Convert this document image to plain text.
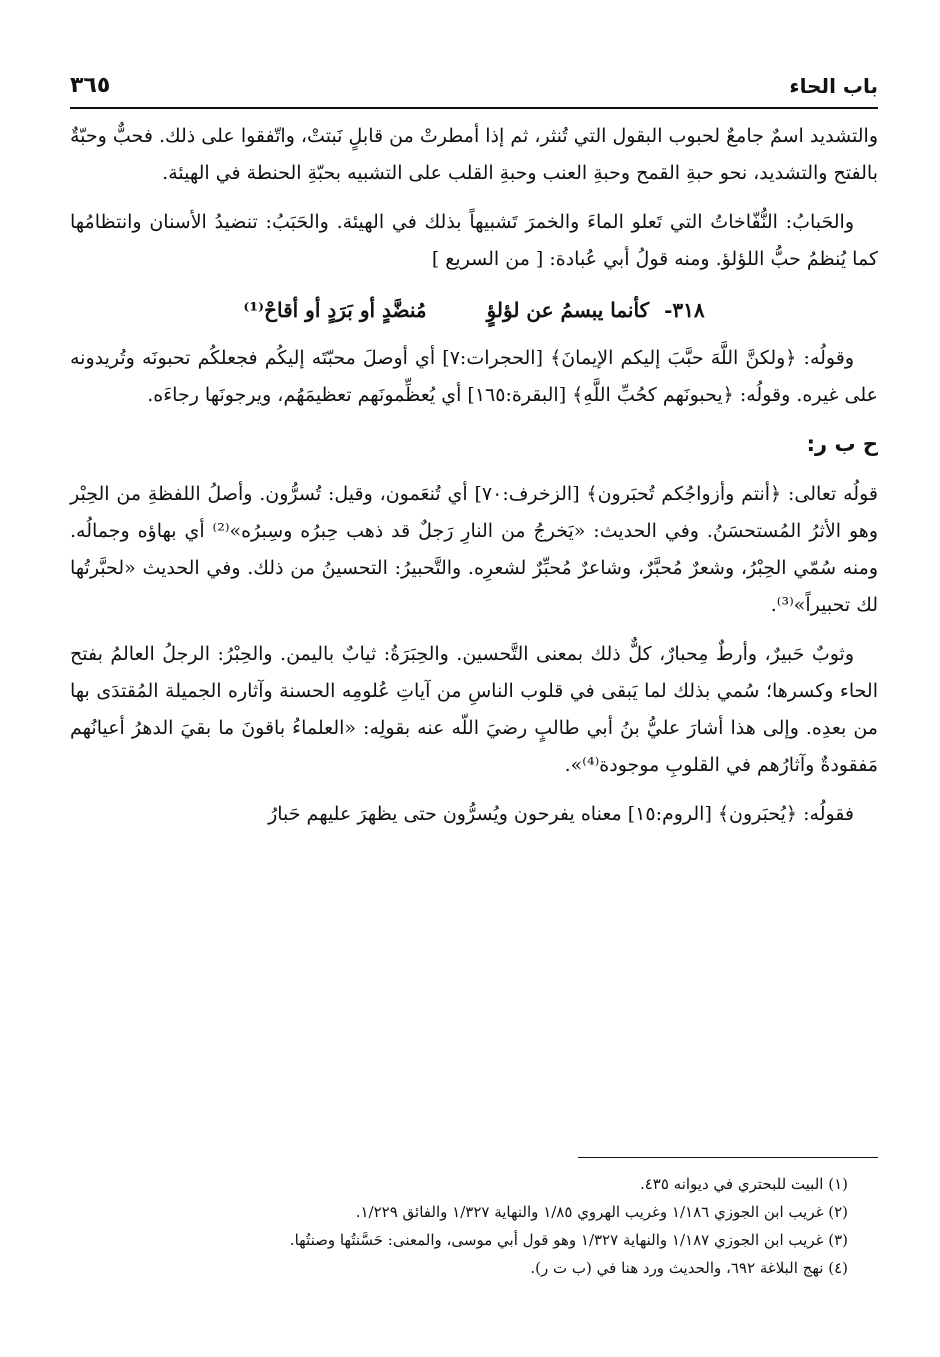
باب الحاء
٣٦٥

والتشديد اسمٌ جامعٌ لحبوب البقول التي تُنثر، ثم إذا أمطرتْ من قابلٍ نَبتتْ، واتّفقوا على ذلك. فحبٌّ وحبّةٌ بالفتح والتشديد، نحو حبةِ القمح وحبةِ العنب وحبةِ القلب على التشبيه بحبّةِ الحنطة في الهيئة.

والحَبابُ: النُّفّاخاتُ التي تَعلو الماءَ والخمرَ تَشبيهاً بذلك في الهيئة. والحَبَبُ: تنضيدُ الأسنان وانتظامُها كما يُنظمُ حبُّ اللؤلؤ. ومنه قولُ أبي عُبادة: [ من السريع ]

٣١٨- كأنما يبسمُ عن لؤلؤٍ
مُنضَّدٍ أو بَرَدٍ أو أقاحْ⁽¹⁾

وقولُه: ﴿ولكنَّ اللَّهَ حبَّبَ إليكم الإيمانَ﴾ [الحجرات:٧] أي أوصلَ محبّتَه إليكُم فجعلكُم تحبونَه وتُريدونه على غيره. وقولُه: ﴿يحبونَهم كحُبِّ اللَّهِ﴾ [البقرة:١٦٥] أي يُعظِّمونَهم تعظيمَهُم، ويرجونَها رجاءَه.

ح ب ر:

قولُه تعالى: ﴿أنتم وأزواجُكم تُحبَرون﴾ [الزخرف:٧٠] أي تُنعَمون، وقيل: تُسرُّون. وأصلُ اللفظةِ من الحِبْر وهو الأثرُ المُستحسَنُ. وفي الحديث: «يَخرجُ من النارِ رَجلٌ قد ذهب حِبرُه وسِبرُه»⁽²⁾ أي بهاؤه وجمالُه. ومنه سُمّي الحِبْرُ، وشعرٌ مُحبَّرٌ، وشاعرٌ مُحبِّرٌ لشعرِه. والتَّحبيرُ: التحسينُ من ذلك. وفي الحديث «لحبَّرتُها لك تحبيراً»⁽³⁾.

وثوبٌ حَبيرٌ، وأرطٌ مِحبارٌ، كلٌّ ذلك بمعنى التَّحسين. والحِبَرَةُ: ثيابٌ باليمن. والحِبْرُ: الرجلُ العالمُ بفتح الحاء وكسرها؛ سُمي بذلك لما يَبقى في قلوب الناسِ من آياتِ عُلومِه الحسنة وآثاره الجميلة المُقتدَى بها من بعدِه. وإلى هذا أشارَ عليُّ بنُ أبي طالبٍ رضيَ اللّه عنه بقولِه: «العلماءُ باقونَ ما بقيَ الدهرُ أعيانُهم مَفقودةٌ وآثارُهم في القلوبِ موجودة⁽⁴⁾».

فقولُه: ﴿يُحبَرون﴾ [الروم:١٥] معناه يفرحون ويُسرُّون حتى يظهرَ عليهم حَبارُ

(١) البيت للبحتري في ديوانه ٤٣٥.

(٢) غريب ابن الجوزي ١/١٨٦ وغريب الهروي ١/٨٥ والنهاية ١/٣٢٧ والفائق ١/٢٢٩.

(٣) غريب ابن الجوزي ١/١٨٧ والنهاية ١/٣٢٧ وهو قول أبي موسى، والمعنى: حَسَّنتُها وصنتُها.

(٤) نهج البلاغة ٦٩٢، والحديث ورد هنا في (ب ت ر).
